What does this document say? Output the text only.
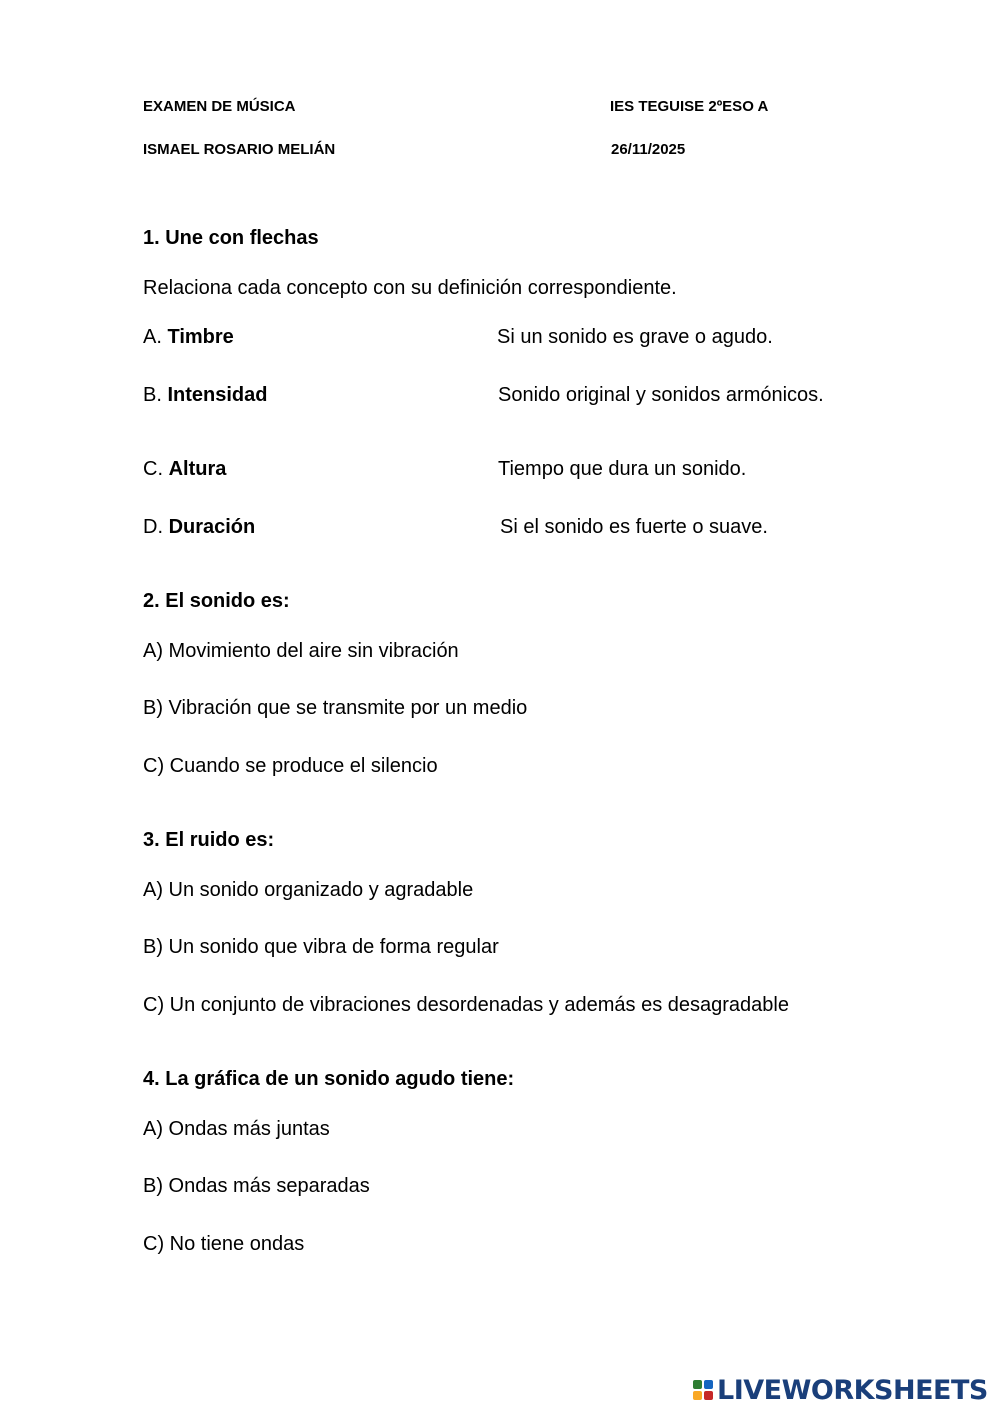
EXAMEN DE MÚSICA	IES TEGUISE 2ºESO A
ISMAEL ROSARIO MELIÁN	26/11/2025
1. Une con flechas
Relaciona cada concepto con su definición correspondiente.
A. Timbre
B. Intensidad
C. Altura
D. Duración
Si un sonido es grave o agudo.
Sonido original y sonidos armónicos.
Tiempo que dura un sonido.
Si el sonido es fuerte o suave.
2. El sonido es:
A) Movimiento del aire sin vibración
B) Vibración que se transmite por un medio
C) Cuando se produce el silencio
3. El ruido es:
A) Un sonido organizado y agradable
B) Un sonido que vibra de forma regular
C) Un conjunto de vibraciones desordenadas y además es desagradable
4. La gráfica de un sonido agudo tiene:
A) Ondas más juntas
B) Ondas más separadas
C) No tiene ondas
LIVEWORKSHEETS
